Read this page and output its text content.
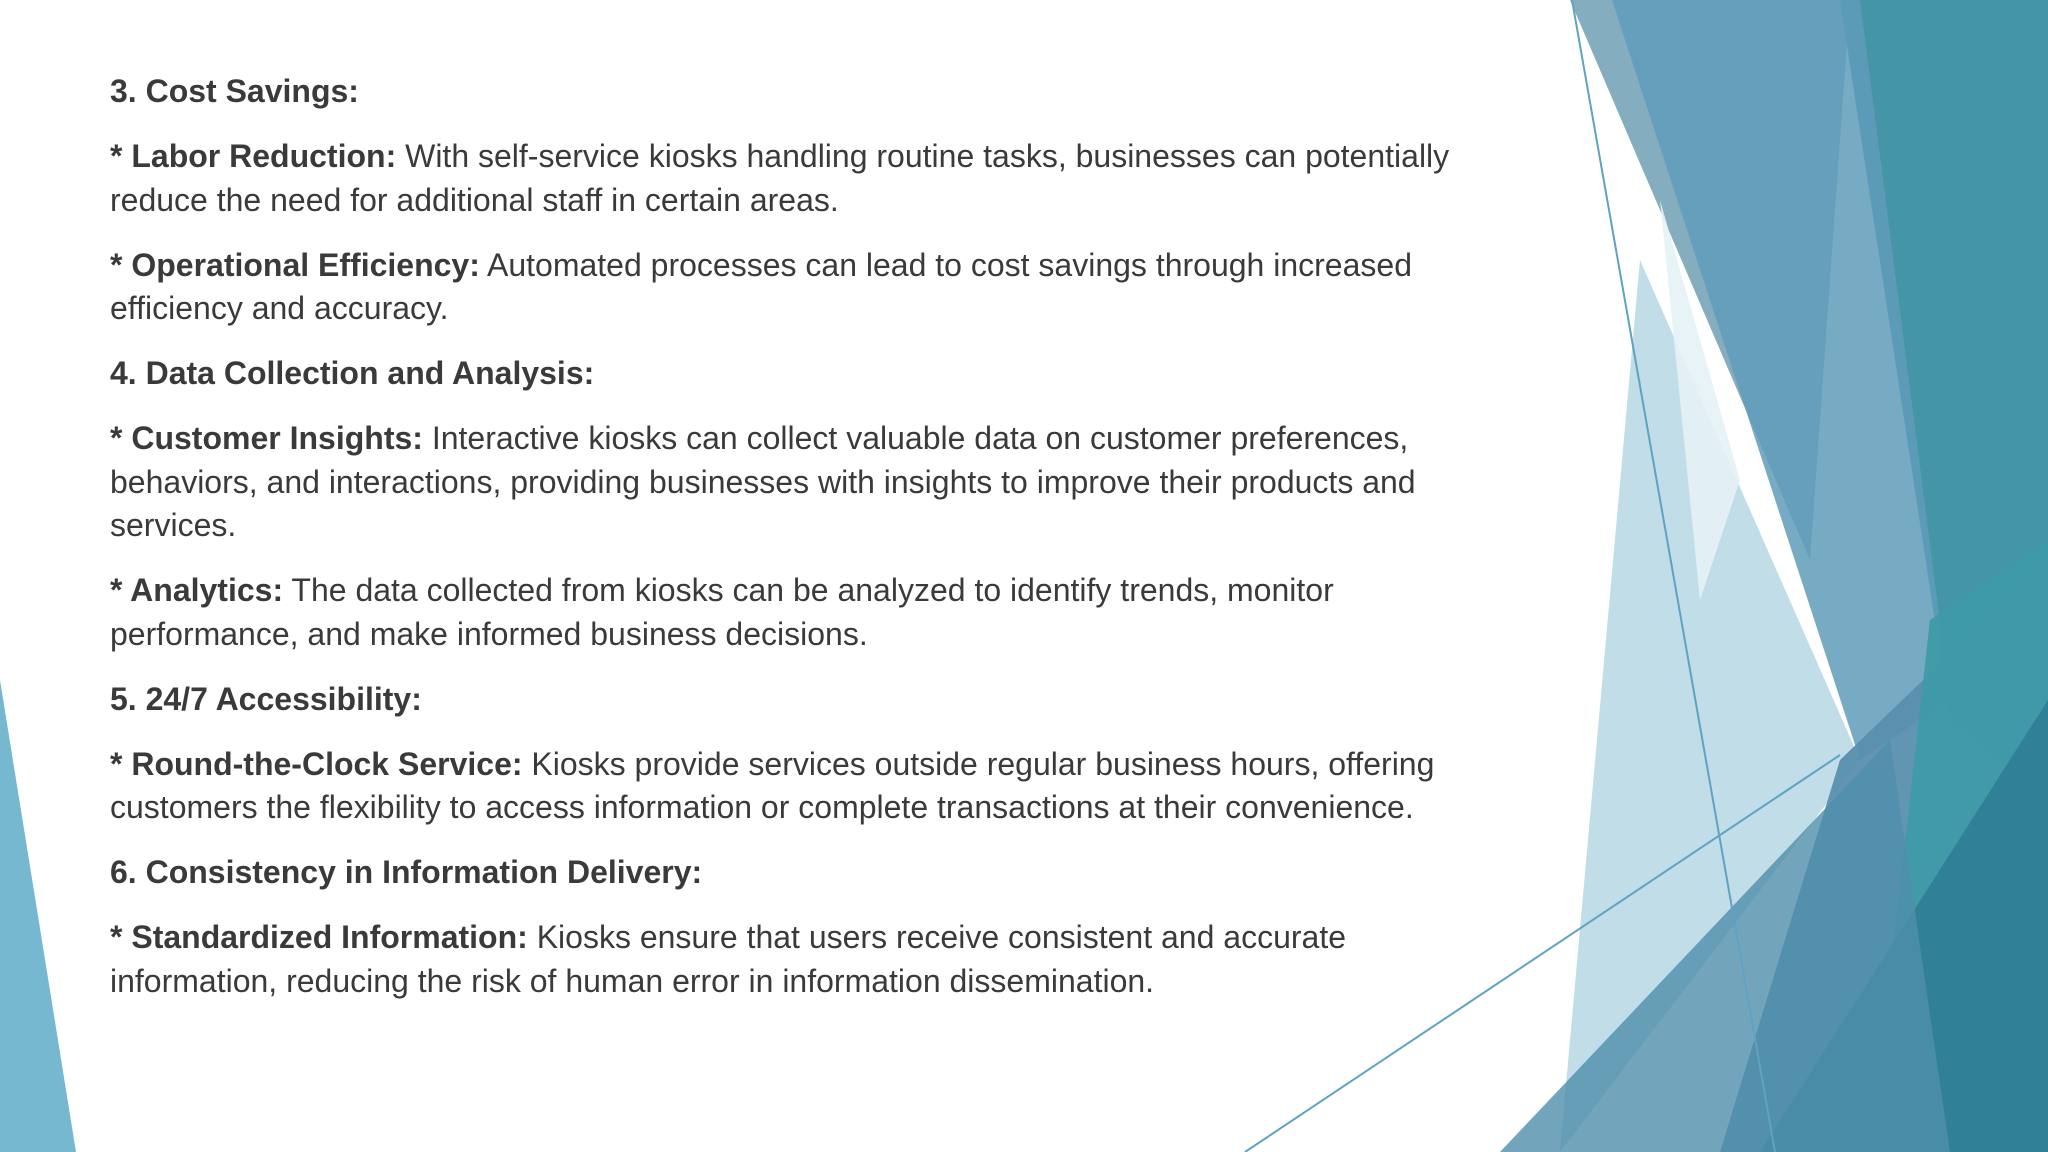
3. Cost Savings:

* Labor Reduction: With self-service kiosks handling routine tasks, businesses can potentially reduce the need for additional staff in certain areas.

* Operational Efficiency: Automated processes can lead to cost savings through increased efficiency and accuracy.

4. Data Collection and Analysis:

* Customer Insights: Interactive kiosks can collect valuable data on customer preferences, behaviors, and interactions, providing businesses with insights to improve their products and services.

* Analytics: The data collected from kiosks can be analyzed to identify trends, monitor performance, and make informed business decisions.

5. 24/7 Accessibility:

* Round-the-Clock Service: Kiosks provide services outside regular business hours, offering customers the flexibility to access information or complete transactions at their convenience.

6. Consistency in Information Delivery:

* Standardized Information: Kiosks ensure that users receive consistent and accurate information, reducing the risk of human error in information dissemination.
